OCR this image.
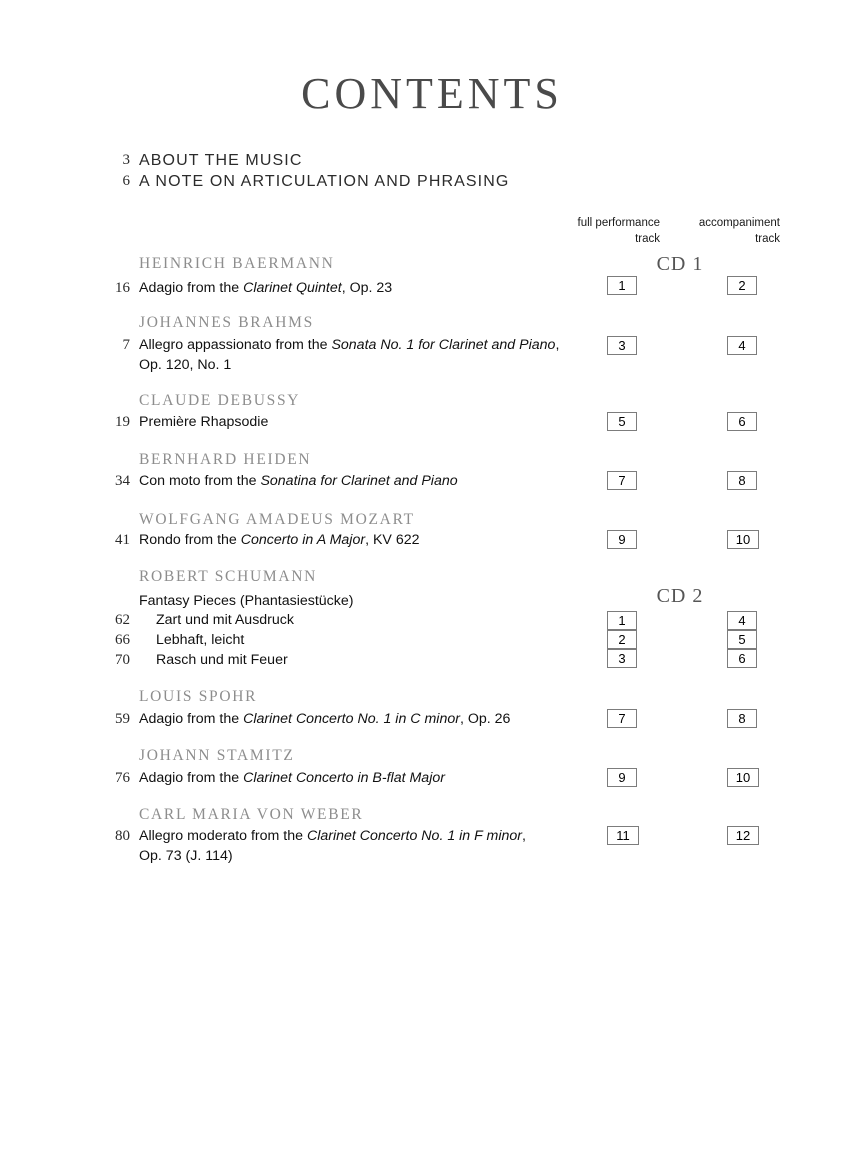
CONTENTS
3 ABOUT THE MUSIC
6 A NOTE ON ARTICULATION AND PHRASING
full performance
track
accompaniment
track
HEINRICH BAERMANN
16 Adagio from the Clarinet Quintet, Op. 23	1	2
JOHANNES BRAHMS
7 Allegro appassionato from the Sonata No. 1 for Clarinet and Piano,	3	4
Op. 120, No. 1
CLAUDE DEBUSSY
19 Première Rhapsodie	5	6
BERNHARD HEIDEN
34 Con moto from the Sonatina for Clarinet and Piano	7	8
WOLFGANG AMADEUS MOZART
41 Rondo from the Concerto in A Major, KV 622	9	10
ROBERT SCHUMANN
Fantasy Pieces (Phantasiestücke)
62 Zart und mit Ausdruck	1	4
66 Lebhaft, leicht	2	5
70 Rasch und mit Feuer	3	6
LOUIS SPOHR
59 Adagio from the Clarinet Concerto No. 1 in C minor, Op. 26	7	8
JOHANN STAMITZ
76 Adagio from the Clarinet Concerto in B-flat Major	9	10
CARL MARIA VON WEBER
80 Allegro moderato from the Clarinet Concerto No. 1 in F minor,	11	12
Op. 73 (J. 114)
CD 1
CD 2
